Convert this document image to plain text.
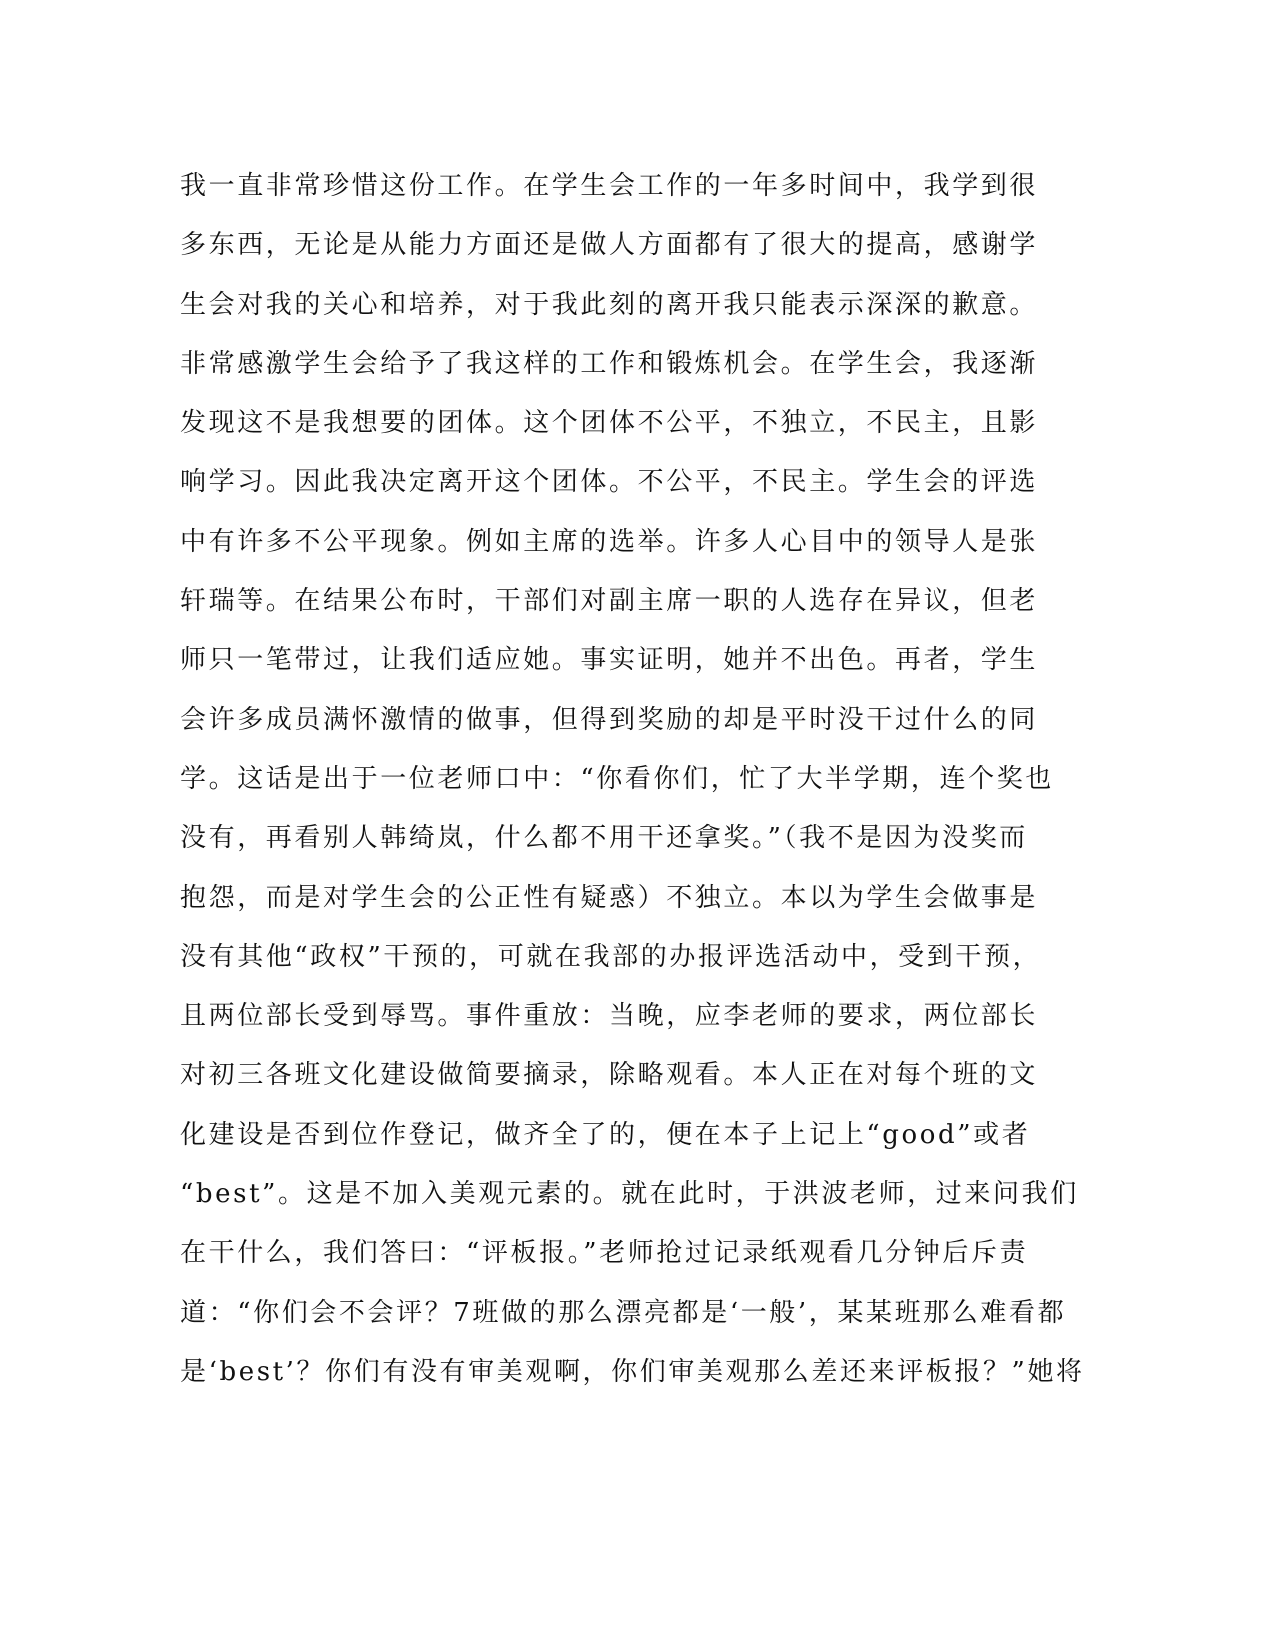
我一直非常珍惜这份工作。在学生会工作的一年多时间中，我学到很
多东西，无论是从能力方面还是做人方面都有了很大的提高，感谢学
生会对我的关心和培养，对于我此刻的离开我只能表示深深的歉意。
非常感激学生会给予了我这样的工作和锻炼机会。在学生会，我逐渐
发现这不是我想要的团体。这个团体不公平，不独立，不民主，且影
响学习。因此我决定离开这个团体。不公平，不民主。学生会的评选
中有许多不公平现象。例如主席的选举。许多人心目中的领导人是张
轩瑞等。在结果公布时，干部们对副主席一职的人选存在异议，但老
师只一笔带过，让我们适应她。事实证明，她并不出色。再者，学生
会许多成员满怀激情的做事，但得到奖励的却是平时没干过什么的同
学。这话是出于一位老师口中：“你看你们，忙了大半学期，连个奖也
没有，再看别人韩绮岚，什么都不用干还拿奖。”（我不是因为没奖而
抱怨，而是对学生会的公正性有疑惑）不独立。本以为学生会做事是
没有其他“政权”干预的，可就在我部的办报评选活动中，受到干预，
且两位部长受到辱骂。事件重放：当晚，应李老师的要求，两位部长
对初三各班文化建设做简要摘录，除略观看。本人正在对每个班的文
化建设是否到位作登记，做齐全了的，便在本子上记上“good”或者
“best”。这是不加入美观元素的。就在此时，于洪波老师，过来问我们
在干什么，我们答曰：“评板报。”老师抢过记录纸观看几分钟后斥责
道：“你们会不会评？7班做的那么漂亮都是‘一般’，某某班那么难看都
是‘best’？你们有没有审美观啊，你们审美观那么差还来评板报？”她将
